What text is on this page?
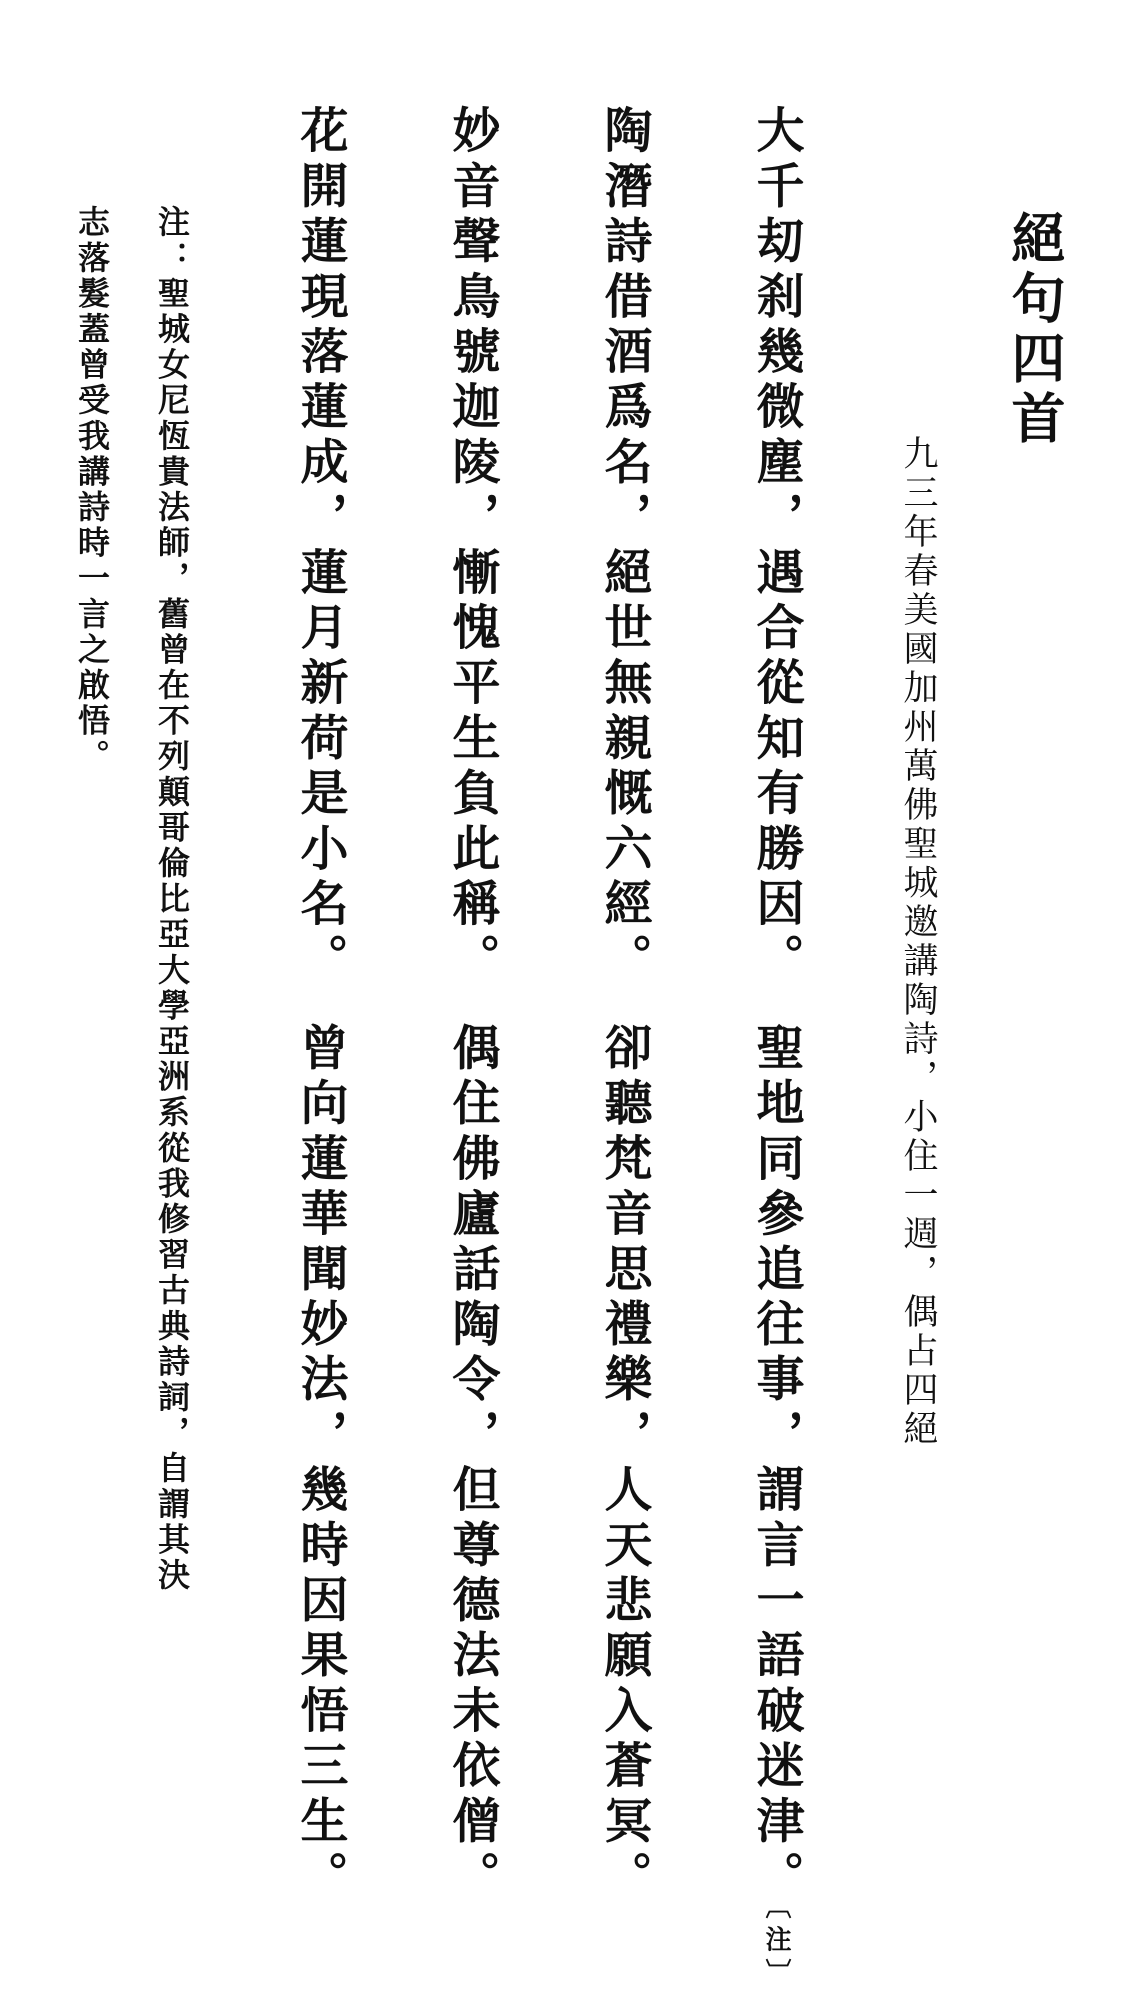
絕句四首
九三年春美國加州萬佛聖城邀講陶詩，小住一週，偶占四絕
大千刧刹幾微塵，遇合從知有勝因。聖地同參追往事，謂言一語破迷津。〔注〕
陶潛詩借酒爲名，絕世無親慨六經。卻聽梵音思禮樂，人天悲願入蒼冥。
妙音聲鳥號迦陵，慚愧平生負此稱。偶住佛廬話陶令，但尊德法未依僧。
花開蓮現落蓮成，蓮月新荷是小名。曾向蓮華聞妙法，幾時因果悟三生。
注：聖城女尼恆貴法師，舊曾在不列顛哥倫比亞大學亞洲系從我修習古典詩詞，自謂其決
志落髮蓋曾受我講詩時一言之啟悟。
